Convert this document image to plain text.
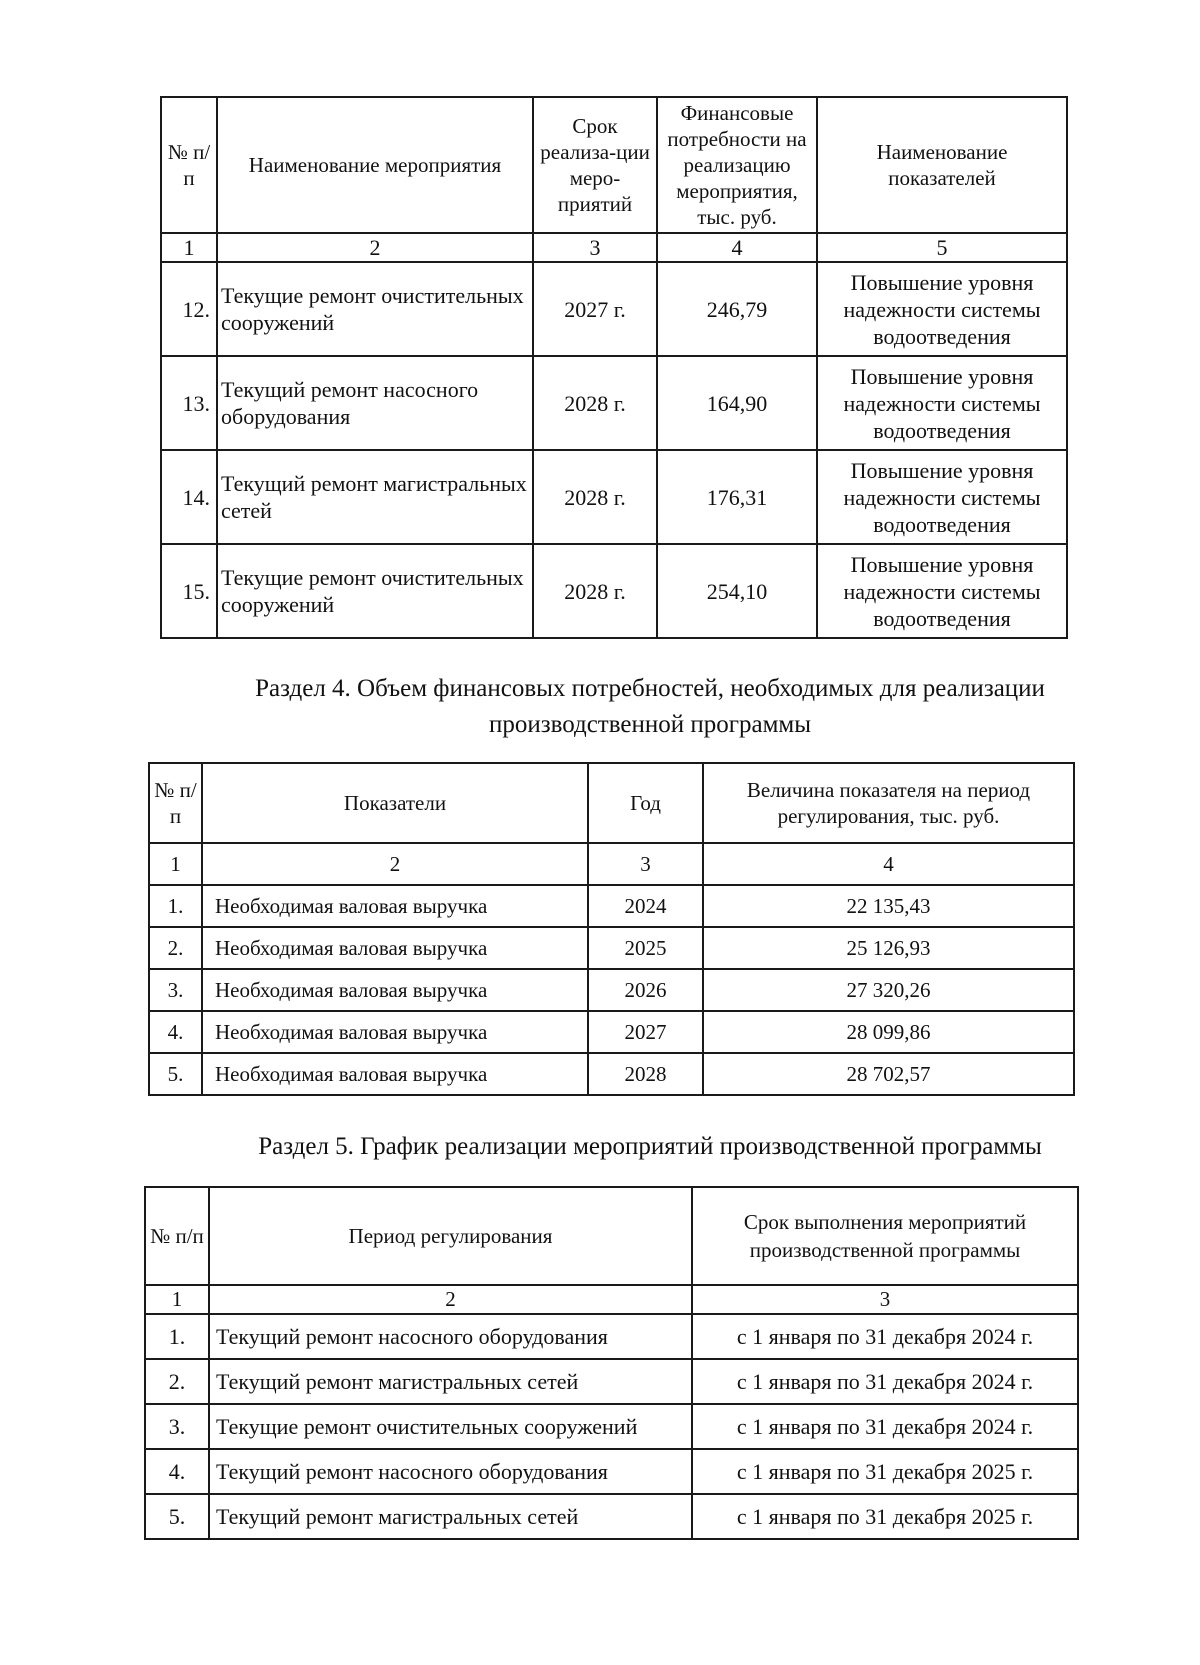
№ п/п	Наименование мероприятия	Срок реализа-ции меро-приятий	Финансовые потребности на реализацию мероприятия, тыс. руб.	Наименование показателей
1	2	3	4	5
12.	Текущие ремонт очистительных сооружений	2027 г.	246,79	Повышение уровня надежности системы водоотведения
13.	Текущий ремонт насосного оборудования	2028 г.	164,90	Повышение уровня надежности системы водоотведения
14.	Текущий ремонт магистральных сетей	2028 г.	176,31	Повышение уровня надежности системы водоотведения
15.	Текущие ремонт очистительных сооружений	2028 г.	254,10	Повышение уровня надежности системы водоотведения
Раздел 4. Объем финансовых потребностей, необходимых для реализации
производственной программы
№ п/п	Показатели	Год	Величина показателя на период регулирования, тыс. руб.
1	2	3	4
1.	Необходимая валовая выручка	2024	22 135,43
2.	Необходимая валовая выручка	2025	25 126,93
3.	Необходимая валовая выручка	2026	27 320,26
4.	Необходимая валовая выручка	2027	28 099,86
5.	Необходимая валовая выручка	2028	28 702,57
Раздел 5. График реализации мероприятий производственной программы
№ п/п	Период регулирования	Срок выполнения мероприятий производственной программы
1	2	3
1.	Текущий ремонт насосного оборудования	с 1 января по 31 декабря 2024 г.
2.	Текущий ремонт магистральных сетей	с 1 января по 31 декабря 2024 г.
3.	Текущие ремонт очистительных сооружений	с 1 января по 31 декабря 2024 г.
4.	Текущий ремонт насосного оборудования	с 1 января по 31 декабря 2025 г.
5.	Текущий ремонт магистральных сетей	с 1 января по 31 декабря 2025 г.
